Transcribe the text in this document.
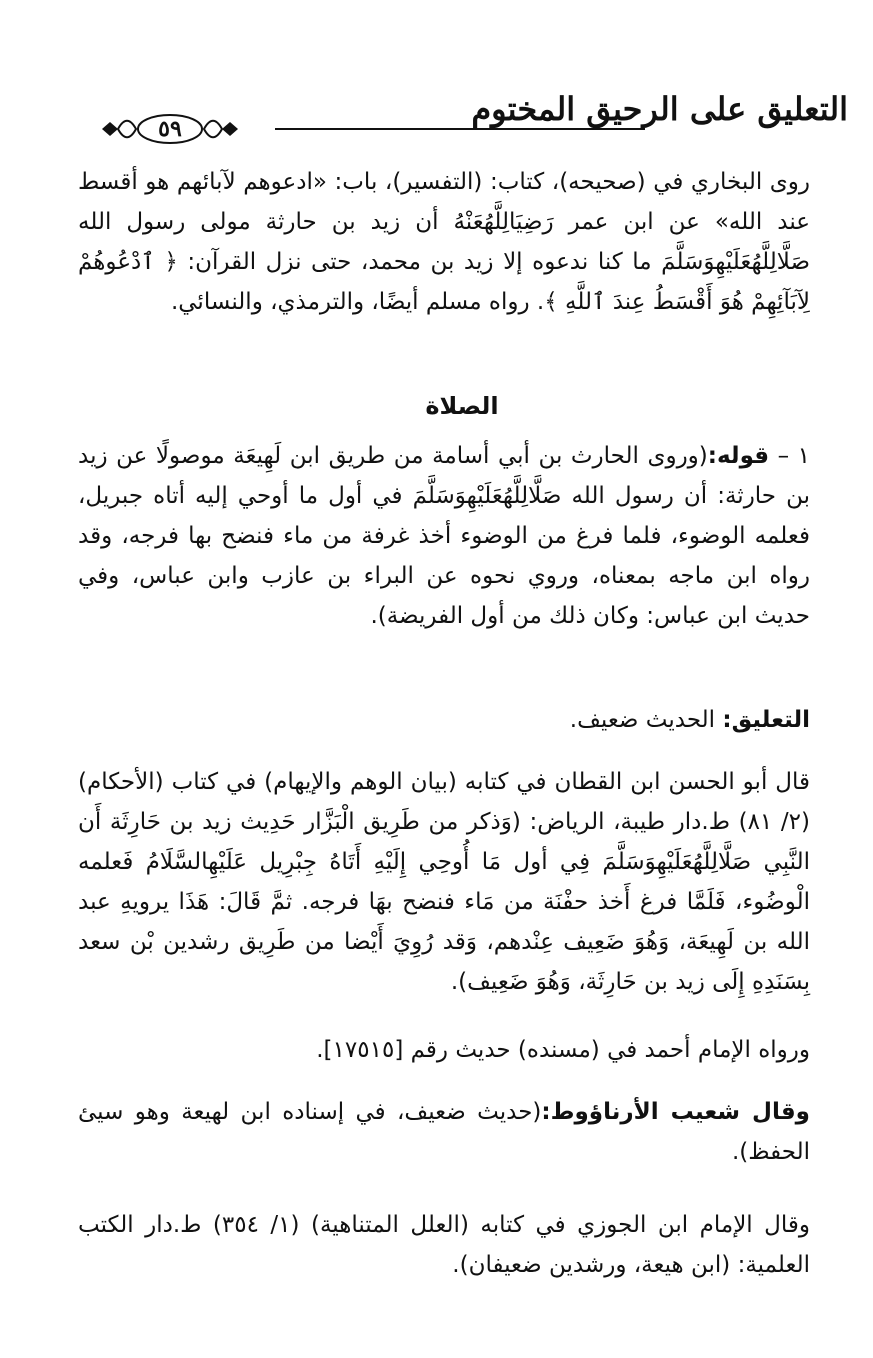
التعليق على الرحيق المختوم
٥٩

روى البخاري في (صحيحه)، كتاب: (التفسير)، باب: «ادعوهم لآبائهم هو أقسط عند الله» عن ابن عمر رَضِيَالِلَّهُعَنْهُ أن زيد بن حارثة مولى رسول الله صَلَّالِلَّهُعَلَيْهِوَسَلَّمَ ما كنا ندعوه إلا زيد بن محمد، حتى نزل القرآن: ﴿ ٱدْعُوهُمْ لِآبَآئِهِمْ هُوَ أَقْسَطُ عِندَ ٱللَّهِ ﴾. رواه مسلم أيضًا، والترمذي، والنسائي.

الصلاة

١ – قوله:(وروى الحارث بن أبي أسامة من طريق ابن لَهِيعَة موصولًا عن زيد بن حارثة: أن رسول الله صَلَّالِلَّهُعَلَيْهِوَسَلَّمَ في أول ما أوحي إليه أتاه جبريل، فعلمه الوضوء، فلما فرغ من الوضوء أخذ غرفة من ماء فنضح بها فرجه، وقد رواه ابن ماجه بمعناه، وروي نحوه عن البراء بن عازب وابن عباس، وفي حديث ابن عباس: وكان ذلك من أول الفريضة).

التعليق: الحديث ضعيف.

قال أبو الحسن ابن القطان في كتابه (بيان الوهم والإيهام) في كتاب (الأحكام) (٢/ ٨١) ط.دار طيبة، الرياض: (وَذكر من طَرِيق الْبَزَّار حَدِيث زيد بن حَارِثَة أَن النَّبِي صَلَّالِلَّهُعَلَيْهِوَسَلَّمَ فِي أول مَا أُوحِي إِلَيْهِ أَتَاهُ جِبْرِيل عَلَيْهِالسَّلَامُ فَعلمه الْوضُوء، فَلَمَّا فرغ أَخذ حفْنَة من مَاء فنضح بهَا فرجه. ثمَّ قَالَ: هَذَا يرويهِ عبد الله بن لَهِيعَة، وَهُوَ ضَعِيف عِنْدهم، وَقد رُوِيَ أَيْضا من طَرِيق رشدين بْن سعد بِسَنَدِهِ إِلَى زيد بن حَارِثَة، وَهُوَ ضَعِيف).

ورواه الإمام أحمد في (مسنده) حديث رقم [١٧٥١٥].

وقال شعيب الأرناؤوط:(حديث ضعيف، في إسناده ابن لهيعة وهو سيئ الحفظ).

وقال الإمام ابن الجوزي في كتابه (العلل المتناهية) (١/ ٣٥٤) ط.دار الكتب العلمية: (ابن هيعة، ورشدين ضعيفان).
